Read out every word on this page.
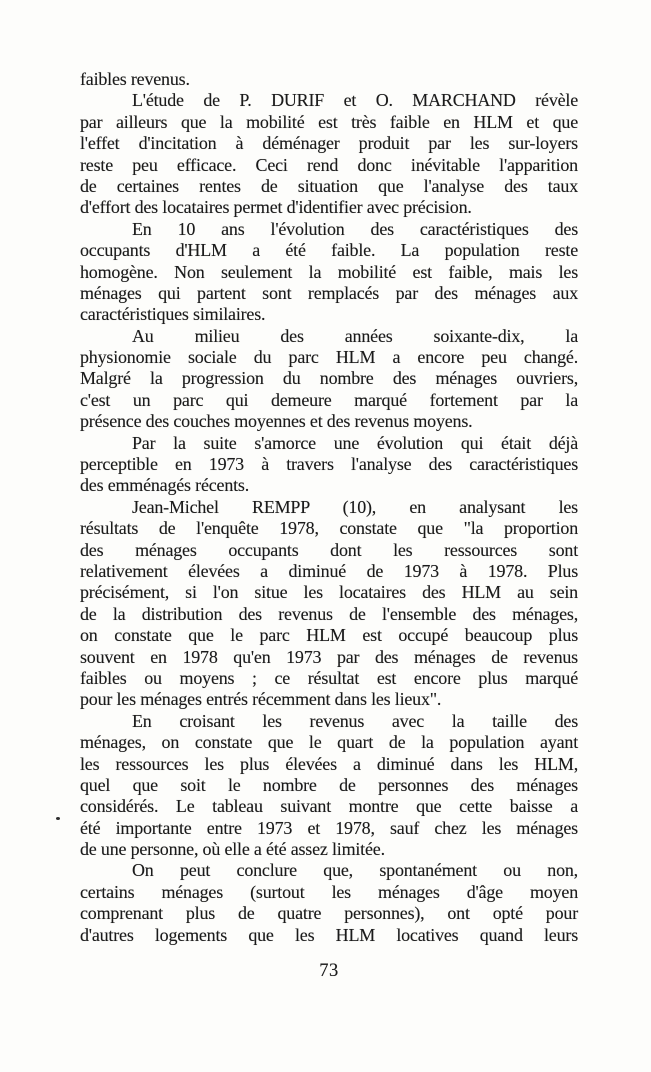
faibles revenus.
L'étude de P. DURIF et O. MARCHAND révèle
par ailleurs que la mobilité est très faible en HLM et que
l'effet d'incitation à déménager produit par les sur-loyers
reste peu efficace. Ceci rend donc inévitable l'apparition
de certaines rentes de situation que l'analyse des taux
d'effort des locataires permet d'identifier avec précision.
En 10 ans l'évolution des caractéristiques des
occupants d'HLM a été faible. La population reste
homogène. Non seulement la mobilité est faible, mais les
ménages qui partent sont remplacés par des ménages aux
caractéristiques similaires.
Au milieu des années soixante-dix, la
physionomie sociale du parc HLM a encore peu changé.
Malgré la progression du nombre des ménages ouvriers,
c'est un parc qui demeure marqué fortement par la
présence des couches moyennes et des revenus moyens.
Par la suite s'amorce une évolution qui était déjà
perceptible en 1973 à travers l'analyse des caractéristiques
des emménagés récents.
Jean-Michel REMPP (10), en analysant les
résultats de l'enquête 1978, constate que "la proportion
des ménages occupants dont les ressources sont
relativement élevées a diminué de 1973 à 1978. Plus
précisément, si l'on situe les locataires des HLM au sein
de la distribution des revenus de l'ensemble des ménages,
on constate que le parc HLM est occupé beaucoup plus
souvent en 1978 qu'en 1973 par des ménages de revenus
faibles ou moyens ; ce résultat est encore plus marqué
pour les ménages entrés récemment dans les lieux".
En croisant les revenus avec la taille des
ménages, on constate que le quart de la population ayant
les ressources les plus élevées a diminué dans les HLM,
quel que soit le nombre de personnes des ménages
considérés. Le tableau suivant montre que cette baisse a
été importante entre 1973 et 1978, sauf chez les ménages
de une personne, où elle a été assez limitée.
On peut conclure que, spontanément ou non,
certains ménages (surtout les ménages d'âge moyen
comprenant plus de quatre personnes), ont opté pour
d'autres logements que les HLM locatives quand leurs
73
